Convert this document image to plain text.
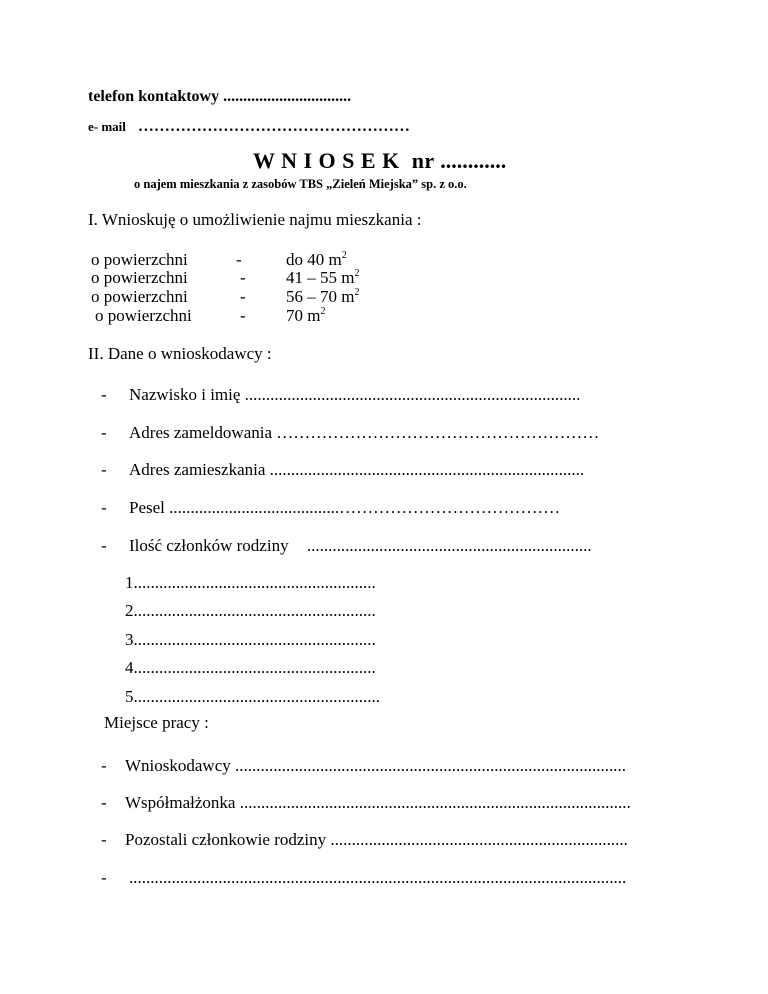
telefon kontaktowy ................................
e- mail ……………………………………………
W N I O S E K nr ............
o najem mieszkania z zasobów TBS „Zieleń Miejska” sp. z o.o.
I. Wnioskuję o umożliwienie najmu mieszkania :
o powierzchni	-	do 40 $m^2$
o powierzchni	- 41 – 55 $m^2$
o powierzchni	- 56 – 70 $m^2$
o powierzchni	- 70 $m^2$
II. Dane o wnioskodawcy :
- Nazwisko i imię ...............................................................................
- Adres zameldowania …………………………………………………
- Adres zamieszkania ..........................................................................
- Pesel ........................................…………………………………
- Ilość członków rodziny ...................................................................
1.........................................................
2.........................................................
3.........................................................
4.........................................................
5..........................................................
Miejsce pracy :
- Wnioskodawcy ............................................................................................
- Współmałżonka ............................................................................................
- Pozostali członkowie rodziny ......................................................................
- .....................................................................................................................
